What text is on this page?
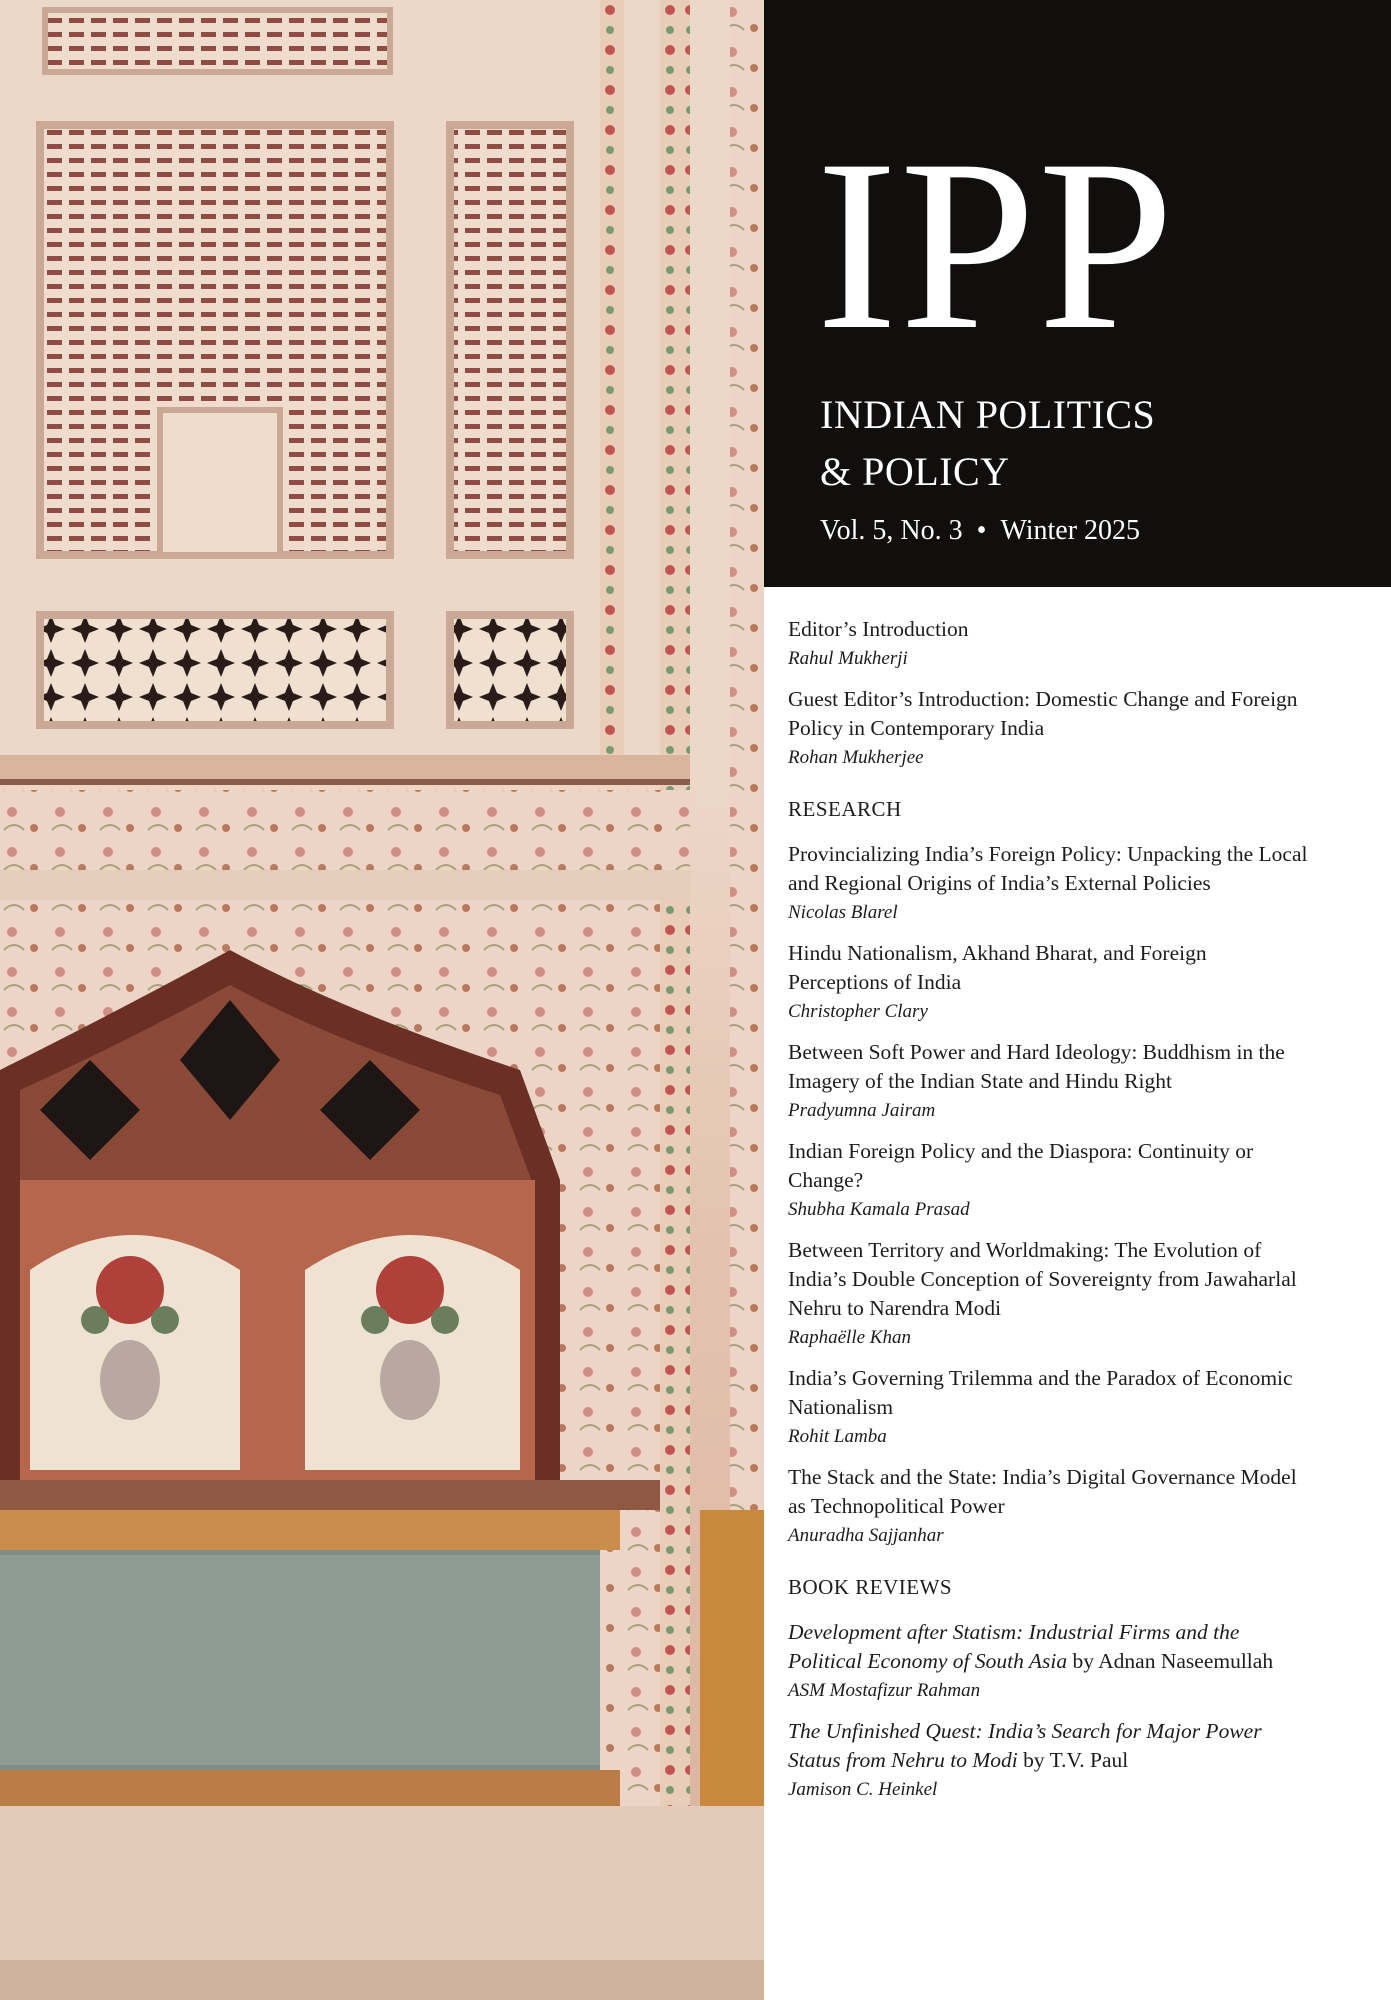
IPP
INDIAN POLITICS
& POLICY
Vol. 5, No. 3 • Winter 2025
Editor’s Introduction
Rahul Mukherji
Guest Editor’s Introduction: Domestic Change and Foreign Policy in Contemporary India
Rohan Mukherjee
RESEARCH
Provincializing India’s Foreign Policy: Unpacking the Local and Regional Origins of India’s External Policies
Nicolas Blarel
Hindu Nationalism, Akhand Bharat, and Foreign Perceptions of India
Christopher Clary
Between Soft Power and Hard Ideology: Buddhism in the Imagery of the Indian State and Hindu Right
Pradyumna Jairam
Indian Foreign Policy and the Diaspora: Continuity or Change?
Shubha Kamala Prasad
Between Territory and Worldmaking: The Evolution of India’s Double Conception of Sovereignty from Jawaharlal Nehru to Narendra Modi
Raphaëlle Khan
India’s Governing Trilemma and the Paradox of Economic Nationalism
Rohit Lamba
The Stack and the State: India’s Digital Governance Model as Technopolitical Power
Anuradha Sajjanhar
BOOK REVIEWS
Development after Statism: Industrial Firms and the Political Economy of South Asia by Adnan Naseemullah
ASM Mostafizur Rahman
The Unfinished Quest: India’s Search for Major Power Status from Nehru to Modi by T.V. Paul
Jamison C. Heinkel
